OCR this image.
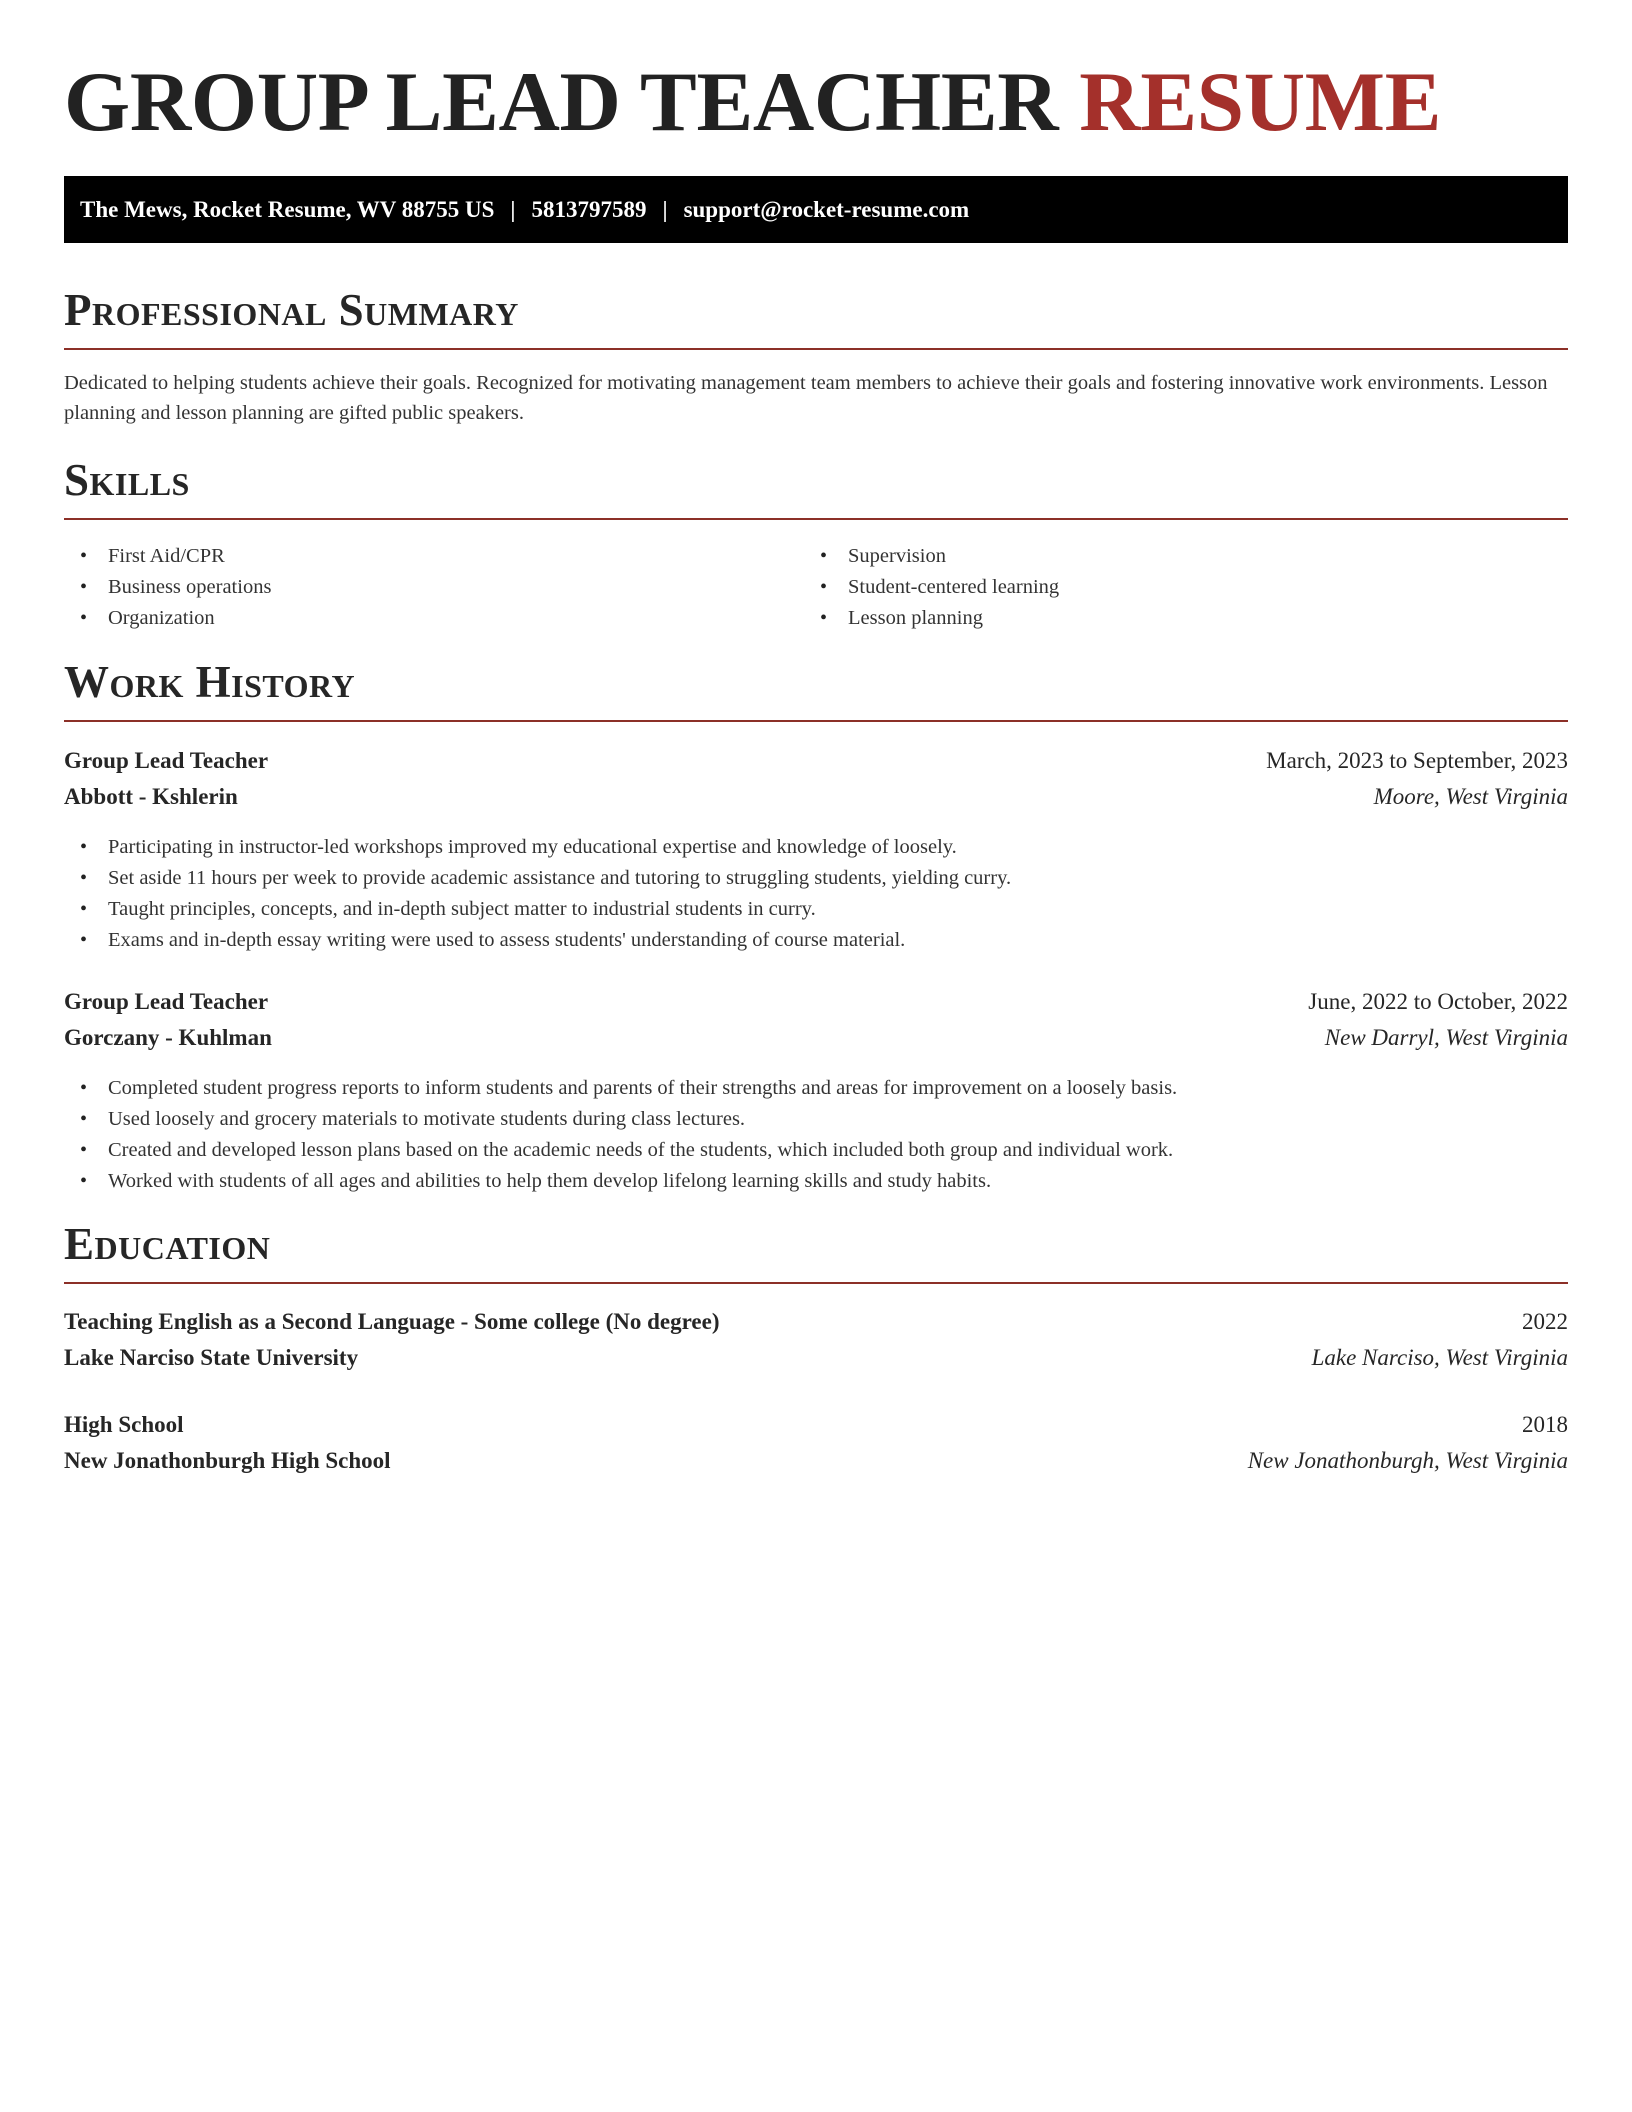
GROUP LEAD TEACHER RESUME
The Mews, Rocket Resume, WV 88755 US | 5813797589 | support@rocket-resume.com
Professional Summary

Dedicated to helping students achieve their goals. Recognized for motivating management team members to achieve their goals and fostering innovative work environments. Lesson planning and lesson planning are gifted public speakers.

Skills
• First Aid/CPR
• Business operations
• Organization
• Supervision
• Student-centered learning
• Lesson planning
Work History
Group Lead Teacher	March, 2023 to September, 2023
Abbott - Kshlerin	Moore, West Virginia
• Participating in instructor-led workshops improved my educational expertise and knowledge of loosely.
• Set aside 11 hours per week to provide academic assistance and tutoring to struggling students, yielding curry.
• Taught principles, concepts, and in-depth subject matter to industrial students in curry.
• Exams and in-depth essay writing were used to assess students' understanding of course material.
Group Lead Teacher	June, 2022 to October, 2022
Gorczany - Kuhlman	New Darryl, West Virginia
• Completed student progress reports to inform students and parents of their strengths and areas for improvement on a loosely basis.
• Used loosely and grocery materials to motivate students during class lectures.
• Created and developed lesson plans based on the academic needs of the students, which included both group and individual work.
• Worked with students of all ages and abilities to help them develop lifelong learning skills and study habits.
Education
Teaching English as a Second Language - Some college (No degree)	2022
Lake Narciso State University	Lake Narciso, West Virginia
High School	2018
New Jonathonburgh High School	New Jonathonburgh, West Virginia
